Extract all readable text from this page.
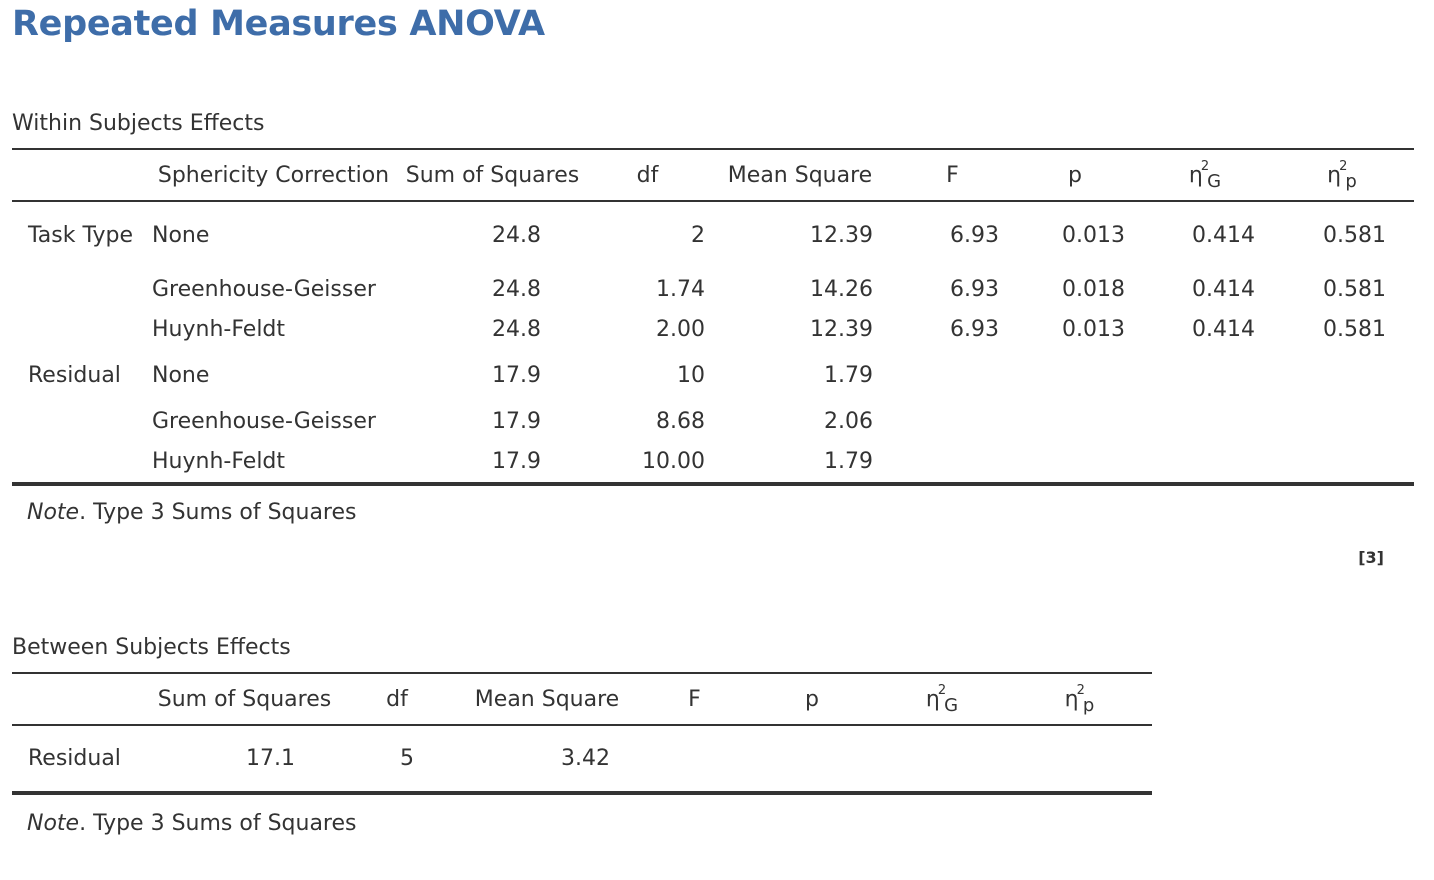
Repeated Measures ANOVA
Within Subjects Effects
	Sphericity Correction	Sum of Squares	df	Mean Square	F	p	$\eta^2_G$	$\eta^2_p$
Task Type	None	24.8	2	12.39	6.93	0.013	0.414	0.581
	Greenhouse-Geisser	24.8	1.74	14.26	6.93	0.018	0.414	0.581
	Huynh-Feldt	24.8	2.00	12.39	6.93	0.013	0.414	0.581
Residual	None	17.9	10	1.79				
	Greenhouse-Geisser	17.9	8.68	2.06				
	Huynh-Feldt	17.9	10.00	1.79				
Note. Type 3 Sums of Squares
[3]
Between Subjects Effects
	Sum of Squares	df	Mean Square	F	p	$\eta^2_G$	$\eta^2_p$
Residual	17.1	5	3.42				
Note. Type 3 Sums of Squares
